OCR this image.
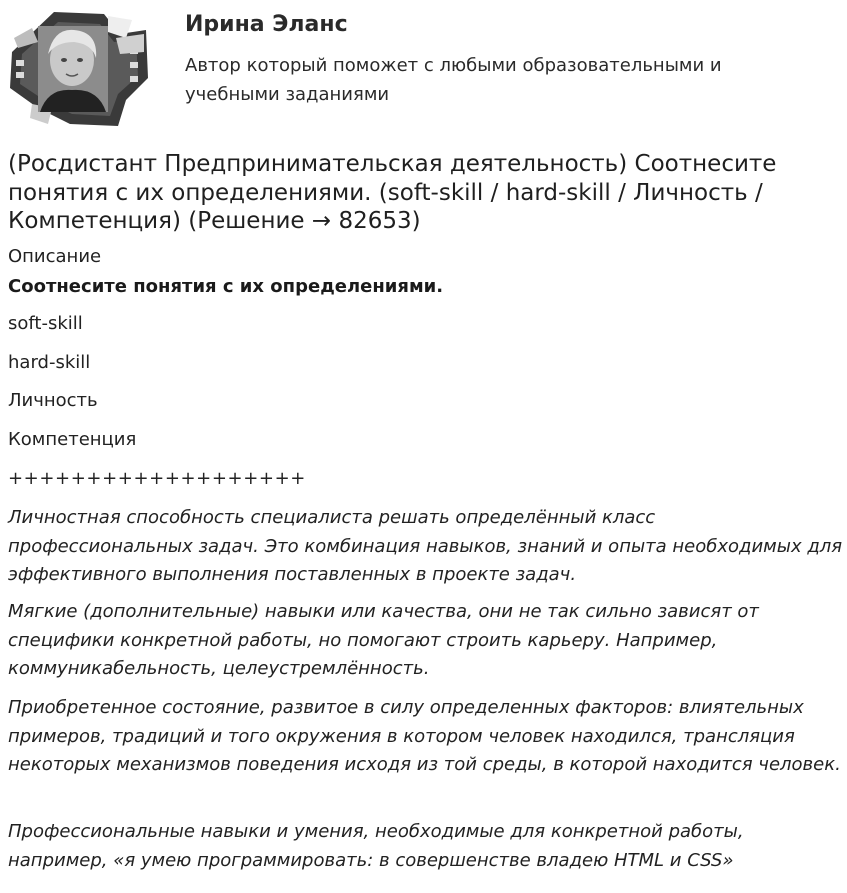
Ирина Эланс
Автор который поможет с любыми образовательными и учебными заданиями
(Росдистант Предпринимательская деятельность) Соотнесите понятия с их определениями. (soft-skill / hard-skill / Личность / Компетенция) (Решение → 82653)
Описание
Соотнесите понятия с их определениями.
soft-skill
hard-skill
Личность
Компетенция
+++++++++++++++++++

Личностная способность специалиста решать определённый класс профессиональных задач. Это комбинация навыков, знаний и опыта необходимых для эффективного выполнения поставленных в проекте задач.

Мягкие (дополнительные) навыки или качества, они не так сильно зависят от специфики конкретной работы, но помогают строить карьеру. Например, коммуникабельность, целеустремлённость.

Приобретенное состояние, развитое в силу определенных факторов: влиятельных примеров, традиций и того окружения в котором человек находился, трансляция некоторых механизмов поведения исходя из той среды, в которой находится человек.

Профессиональные навыки и умения, необходимые для конкретной работы, например, «я умею программировать: в совершенстве владею HTML и CSS»
